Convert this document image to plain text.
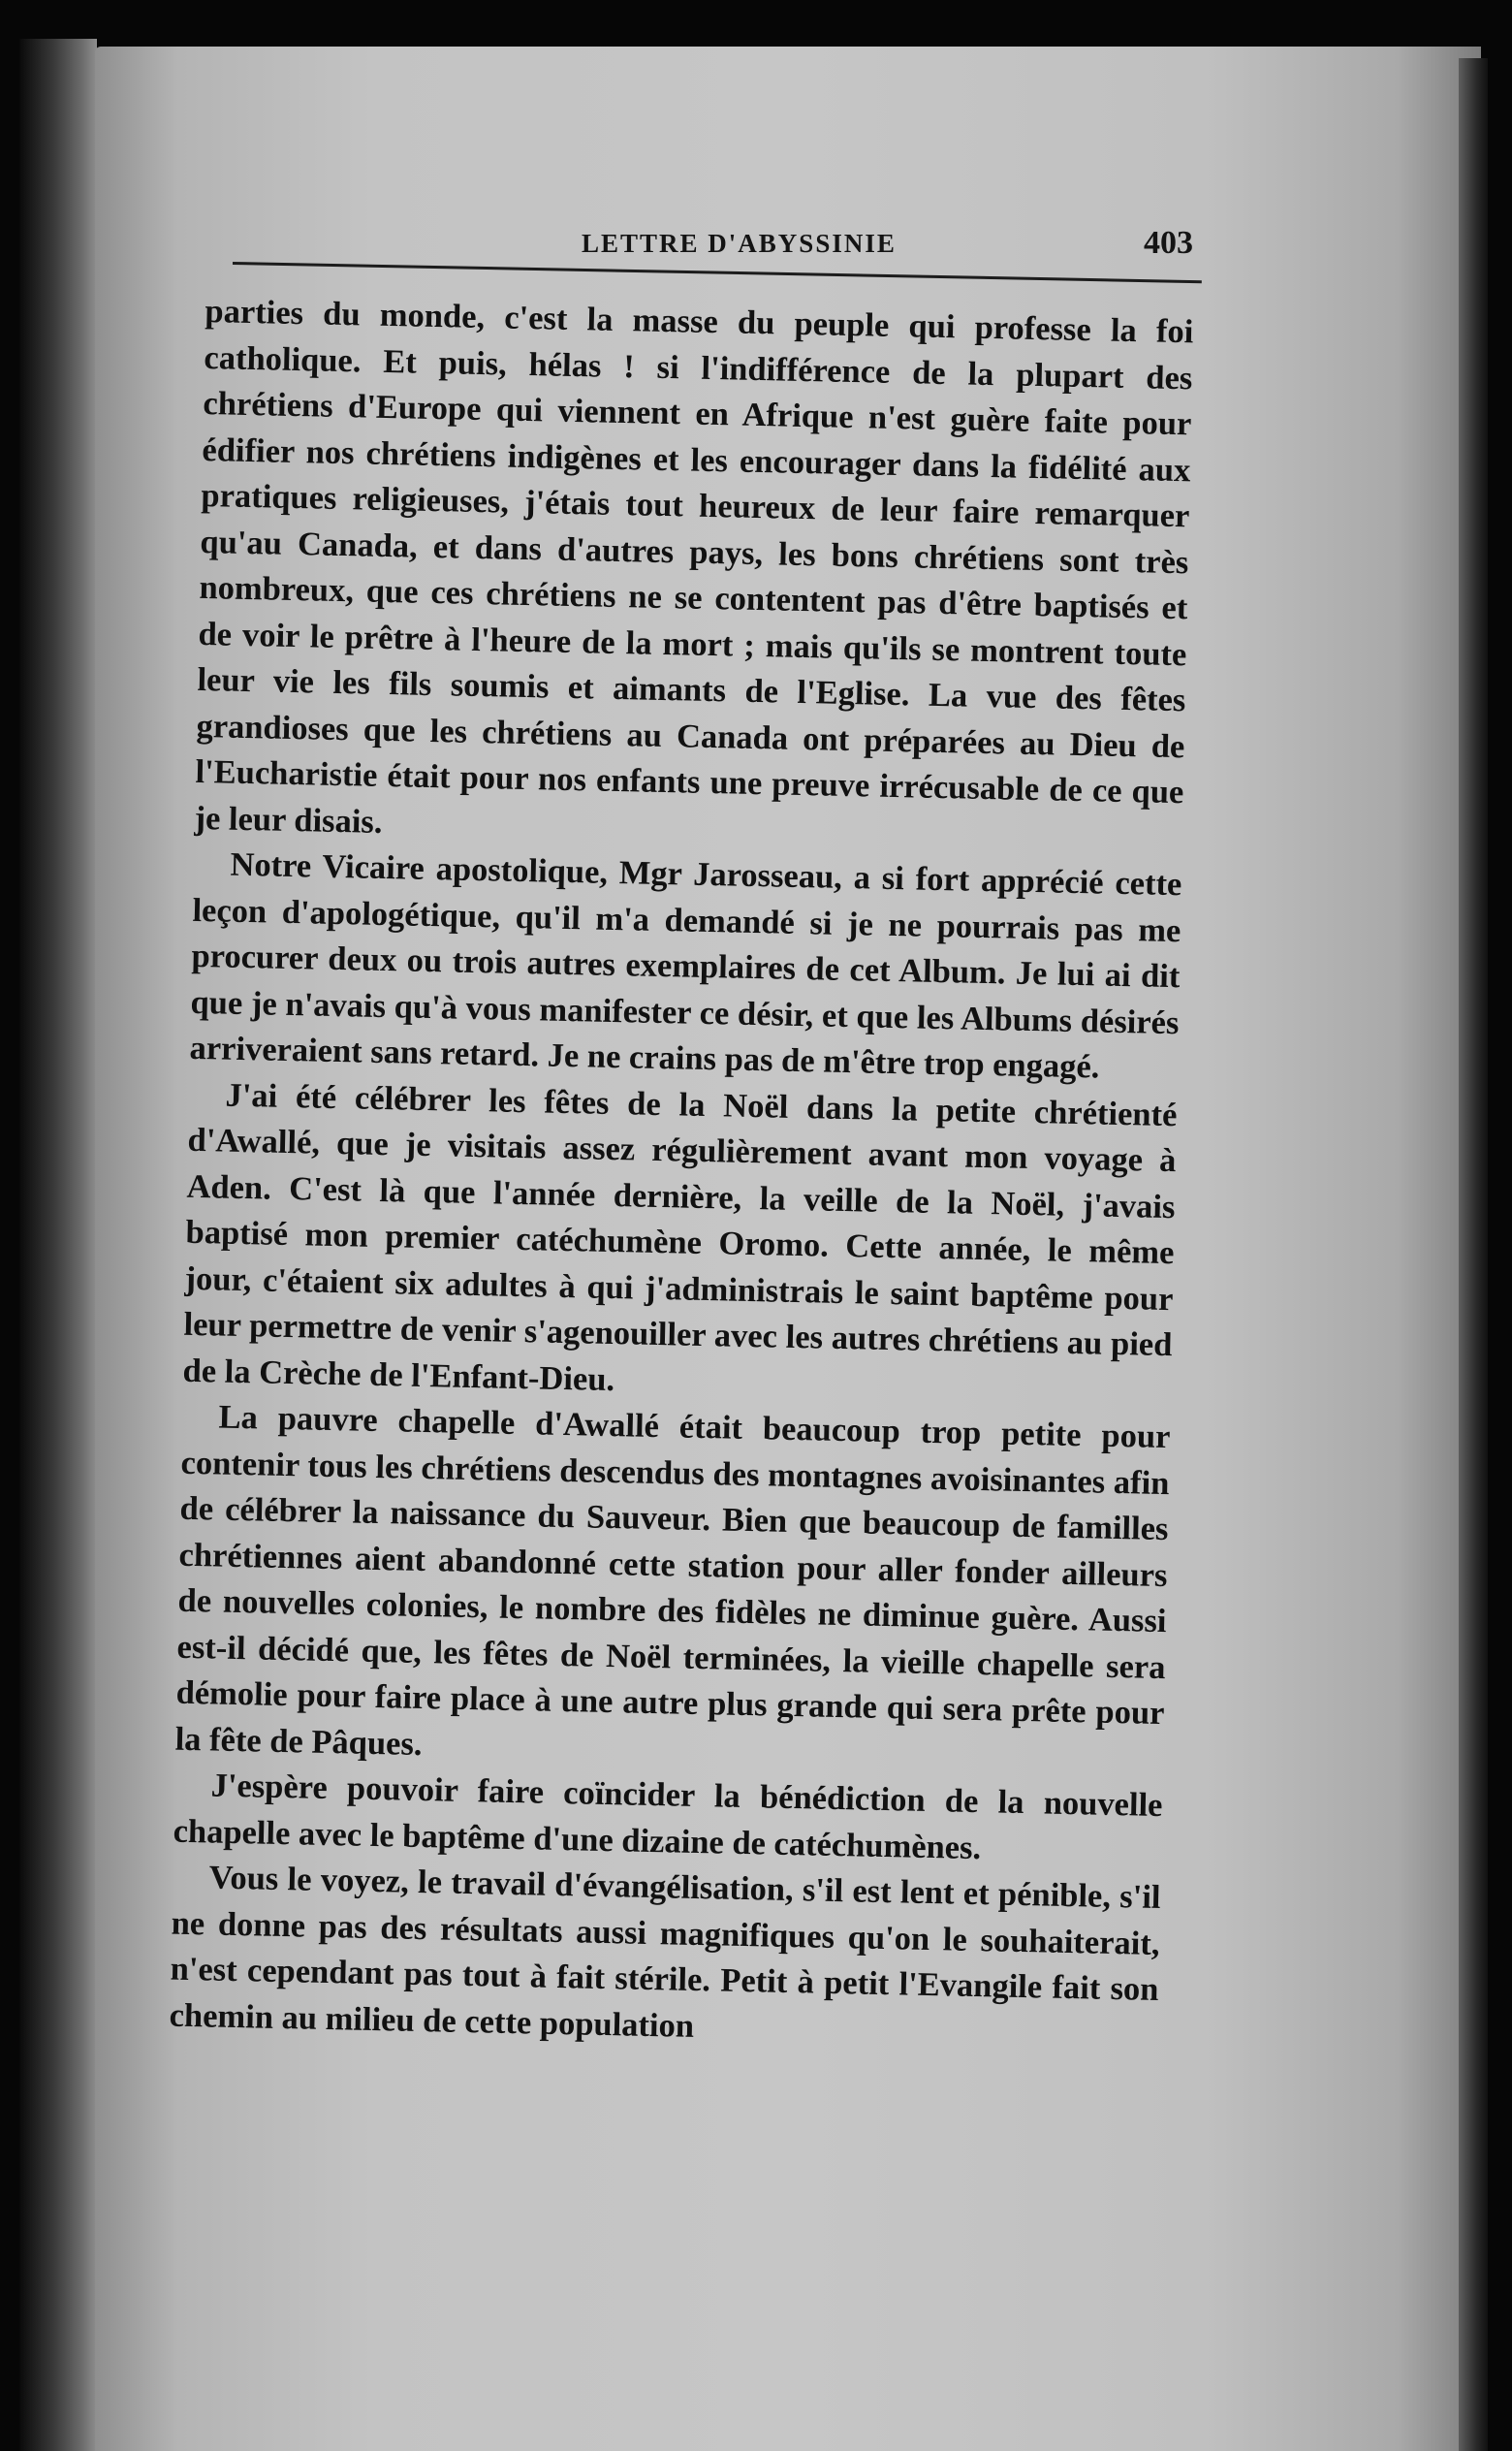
LETTRE D'ABYSSINIE	403

parties du monde, c'est la masse du peuple qui professe la foi catholique. Et puis, hélas ! si l'indifférence de la plupart des chrétiens d'Europe qui viennent en Afrique n'est guère faite pour édifier nos chrétiens indigènes et les encourager dans la fidélité aux pratiques religieuses, j'étais tout heureux de leur faire remarquer qu'au Canada, et dans d'autres pays, les bons chrétiens sont très nombreux, que ces chrétiens ne se contentent pas d'être baptisés et de voir le prêtre à l'heure de la mort ; mais qu'ils se montrent toute leur vie les fils soumis et aimants de l'Eglise. La vue des fêtes grandioses que les chrétiens au Canada ont préparées au Dieu de l'Eucharistie était pour nos enfants une preuve irrécusable de ce que je leur disais.

Notre Vicaire apostolique, Mgr Jarosseau, a si fort apprécié cette leçon d'apologétique, qu'il m'a demandé si je ne pourrais pas me procurer deux ou trois autres exemplaires de cet Album. Je lui ai dit que je n'avais qu'à vous manifester ce désir, et que les Albums désirés arriveraient sans retard. Je ne crains pas de m'être trop engagé.

J'ai été célébrer les fêtes de la Noël dans la petite chrétienté d'Awallé, que je visitais assez régulièrement avant mon voyage à Aden. C'est là que l'année dernière, la veille de la Noël, j'avais baptisé mon premier catéchumène Oromo. Cette année, le même jour, c'étaient six adultes à qui j'administrais le saint baptême pour leur permettre de venir s'agenouiller avec les autres chrétiens au pied de la Crèche de l'Enfant-Dieu.

La pauvre chapelle d'Awallé était beaucoup trop petite pour contenir tous les chrétiens descendus des montagnes avoisinantes afin de célébrer la naissance du Sauveur. Bien que beaucoup de familles chrétiennes aient abandonné cette station pour aller fonder ailleurs de nouvelles colonies, le nombre des fidèles ne diminue guère. Aussi est-il décidé que, les fêtes de Noël terminées, la vieille chapelle sera démolie pour faire place à une autre plus grande qui sera prête pour la fête de Pâques.

J'espère pouvoir faire coïncider la bénédiction de la nouvelle chapelle avec le baptême d'une dizaine de catéchumènes.

Vous le voyez, le travail d'évangélisation, s'il est lent et pénible, s'il ne donne pas des résultats aussi magnifiques qu'on le souhaiterait, n'est cependant pas tout à fait stérile. Petit à petit l'Evangile fait son chemin au milieu de cette population
